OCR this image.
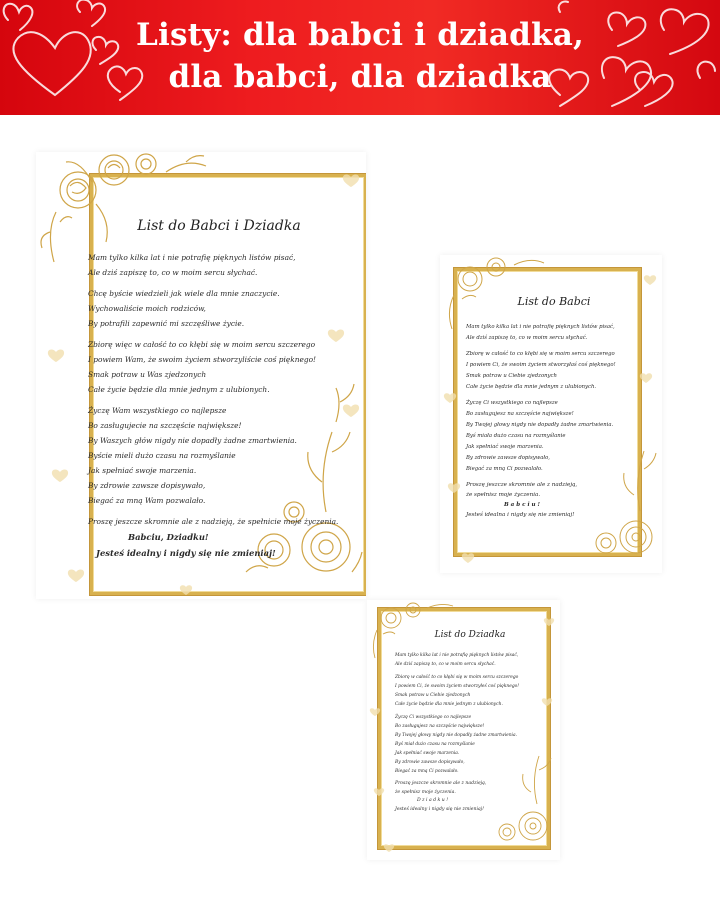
Listy: dla babci i dziadka,
dla babci, dla dziadka
List do Babci i Dziadka

Mam tylko kilka lat i nie potrafię pięknych listów pisać,

Ale dziś zapiszę to, co w moim sercu słychać.

Chcę byście wiedzieli jak wiele dla mnie znaczycie.

Wychowaliście moich rodziców,

By potrafili zapewnić mi szczęśliwe życie.

Zbiorę więc w całość to co kłębi się w moim sercu szczerego

I powiem Wam, że swoim życiem stworzyliście coś pięknego!

Smak potraw u Was zjedzonych

Całe życie będzie dla mnie jednym z ulubionych.

Życzę Wam wszystkiego co najlepsze

Bo zasługujecie na szczęście największe!

By Waszych głów nigdy nie dopadły żadne zmartwienia.

Byście mieli dużo czasu na rozmyślanie

Jak spełniać swoje marzenia.

By zdrowie zawsze dopisywało,

Biegać za mną Wam pozwalało.

Proszę jeszcze skromnie ale z nadzieją, że spełnicie moje życzenia.

Babciu, Dziadku!

Jesteś idealny i nigdy się nie zmieniaj!

List do Babci

Mam tylko kilka lat i nie potrafię pięknych listów pisać,

Ale dziś zapiszę to, co w moim sercu słychać.

Zbiorę w całość to co kłębi się w moim sercu szczerego

I powiem Ci, że swoim życiem stworzyłaś coś pięknego!

Smak potraw u Ciebie zjedzonych

Całe życie będzie dla mnie jednym z ulubionych.

Życzę Ci wszystkiego co najlepsze

Bo zasługujesz na szczęście największe!

By Twojej głowy nigdy nie dopadły żadne zmartwienia.

Byś miała dużo czasu na rozmyślanie

Jak spełniać swoje marzenia.

By zdrowie zawsze dopisywało,

Biegać za mną Ci pozwalało.

Proszę jeszcze skromnie ale z nadzieją,

że spełnisz moje życzenia.

B a b c i u !

Jesteś idealna i nigdy się nie zmieniaj!

List do Dziadka

Mam tylko kilka lat i nie potrafię pięknych listów pisać,

Ale dziś zapiszę to, co w moim sercu słychać.

Zbiorę w całość to co kłębi się w moim sercu szczerego

I powiem Ci, że swoim życiem stworzyłeś coś pięknego!

Smak potraw u Ciebie zjedzonych

Całe życie będzie dla mnie jednym z ulubionych.

Życzę Ci wszystkiego co najlepsze

Bo zasługujesz na szczęście największe!

By Twojej głowy nigdy nie dopadły żadne zmartwienia.

Byś miał dużo czasu na rozmyślanie

Jak spełniać swoje marzenia.

By zdrowie zawsze dopisywało,

Biegać za mną Ci pozwalało.

Proszę jeszcze skromnie ale z nadzieją,

że spełnisz moje życzenia.

D z i a d k u !

Jesteś idealny i nigdy się nie zmieniaj!
